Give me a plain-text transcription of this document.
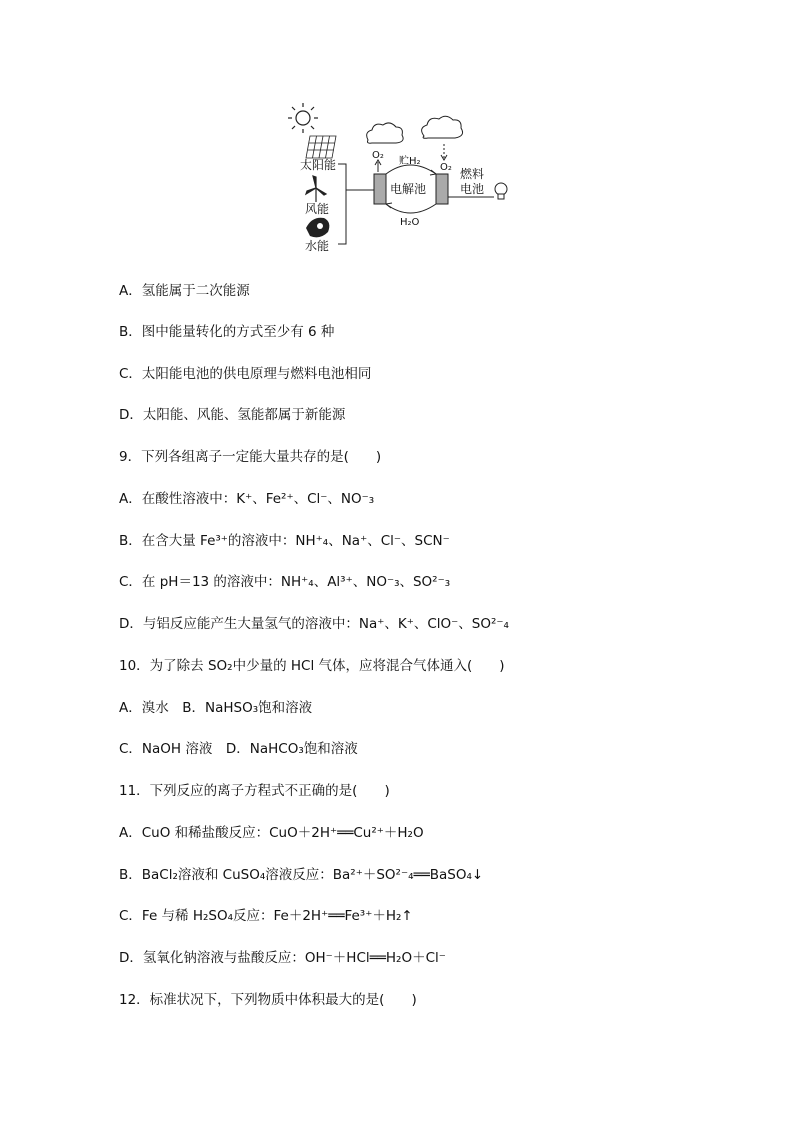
太阳能
风能
水能
电解池
O₂
O₂
贮H₂
H₂O
燃料
电池
A．氢能属于二次能源
B．图中能量转化的方式至少有 6 种
C．太阳能电池的供电原理与燃料电池相同
D．太阳能、风能、氢能都属于新能源
9．下列各组离子一定能大量共存的是(　　)
A．在酸性溶液中：K⁺、Fe²⁺、Cl⁻、NO⁻₃
B．在含大量 Fe³⁺的溶液中：NH⁺₄、Na⁺、Cl⁻、SCN⁻
C．在 pH＝13 的溶液中：NH⁺₄、Al³⁺、NO⁻₃、SO²⁻₃
D．与铝反应能产生大量氢气的溶液中：Na⁺、K⁺、ClO⁻、SO²⁻₄
10．为了除去 SO₂中少量的 HCl 气体，应将混合气体通入(　　)
A．溴水　B．NaHSO₃饱和溶液
C．NaOH 溶液　D．NaHCO₃饱和溶液
11．下列反应的离子方程式不正确的是(　　)
A．CuO 和稀盐酸反应：CuO＋2H⁺══Cu²⁺＋H₂O
B．BaCl₂溶液和 CuSO₄溶液反应：Ba²⁺＋SO²⁻₄══BaSO₄↓
C．Fe 与稀 H₂SO₄反应：Fe＋2H⁺══Fe³⁺＋H₂↑
D．氢氧化钠溶液与盐酸反应：OH⁻＋HCl══H₂O＋Cl⁻
12．标准状况下，下列物质中体积最大的是(　　)
